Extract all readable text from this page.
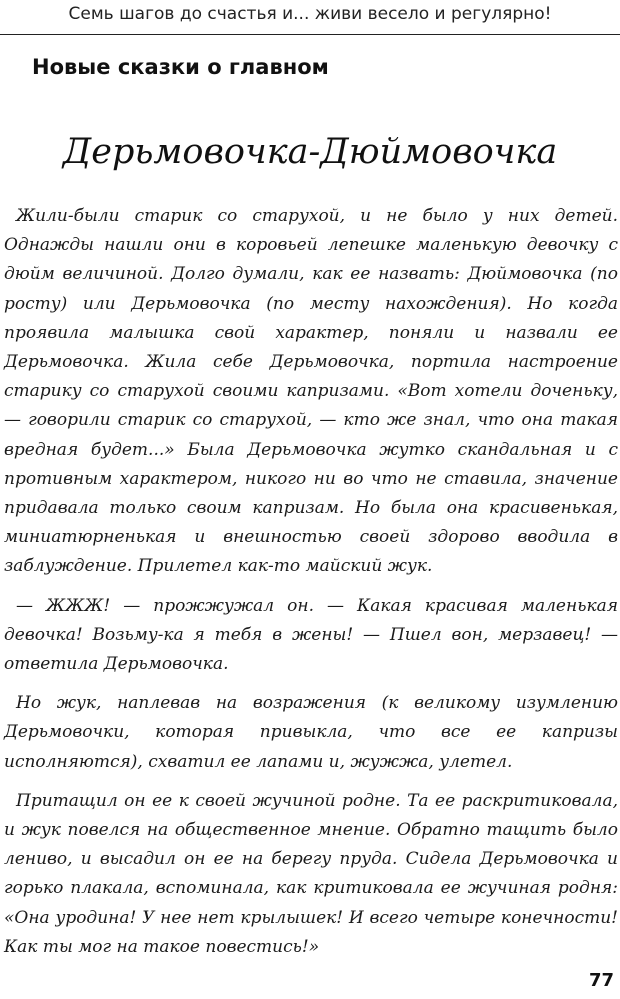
Семь шагов до счастья и... живи весело и регулярно!
Новые сказки о главном
Дерьмовочка-Дюймовочка

Жили-были старик со старухой, и не было у них детей. Однажды нашли они в коровьей лепешке маленькую девочку с дюйм величиной. Долго думали, как ее назвать: Дюймовочка (по росту) или Дерьмовочка (по месту нахождения). Но когда проявила малышка свой характер, поняли и назвали ее Дерьмовочка. Жила себе Дерьмовочка, портила настроение старику со старухой своими капризами. «Вот хотели доченьку, — говорили старик со старухой, — кто же знал, что она такая вредная будет...» Была Дерьмовочка жутко скандальная и с противным характером, никого ни во что не ставила, значение придавала только своим капризам. Но была она красивенькая, миниатюрненькая и внешностью своей здорово вводила в заблуждение. Прилетел как-то майский жук.

— ЖЖЖ! — прожжужал он. — Какая красивая маленькая девочка! Возьму-ка я тебя в жены! — Пшел вон, мерзавец! — ответила Дерьмовочка.

Но жук, наплевав на возражения (к великому изумлению Дерьмовочки, которая привыкла, что все ее капризы исполняются), схватил ее лапами и, жужжа, улетел.

Притащил он ее к своей жучиной родне. Та ее раскритиковала, и жук повелся на общественное мнение. Обратно тащить было лениво, и высадил он ее на берегу пруда. Сидела Дерьмовочка и горько плакала, вспоминала, как критиковала ее жучиная родня: «Она уродина! У нее нет крылышек! И всего четыре конечности! Как ты мог на такое повестись!»

77
